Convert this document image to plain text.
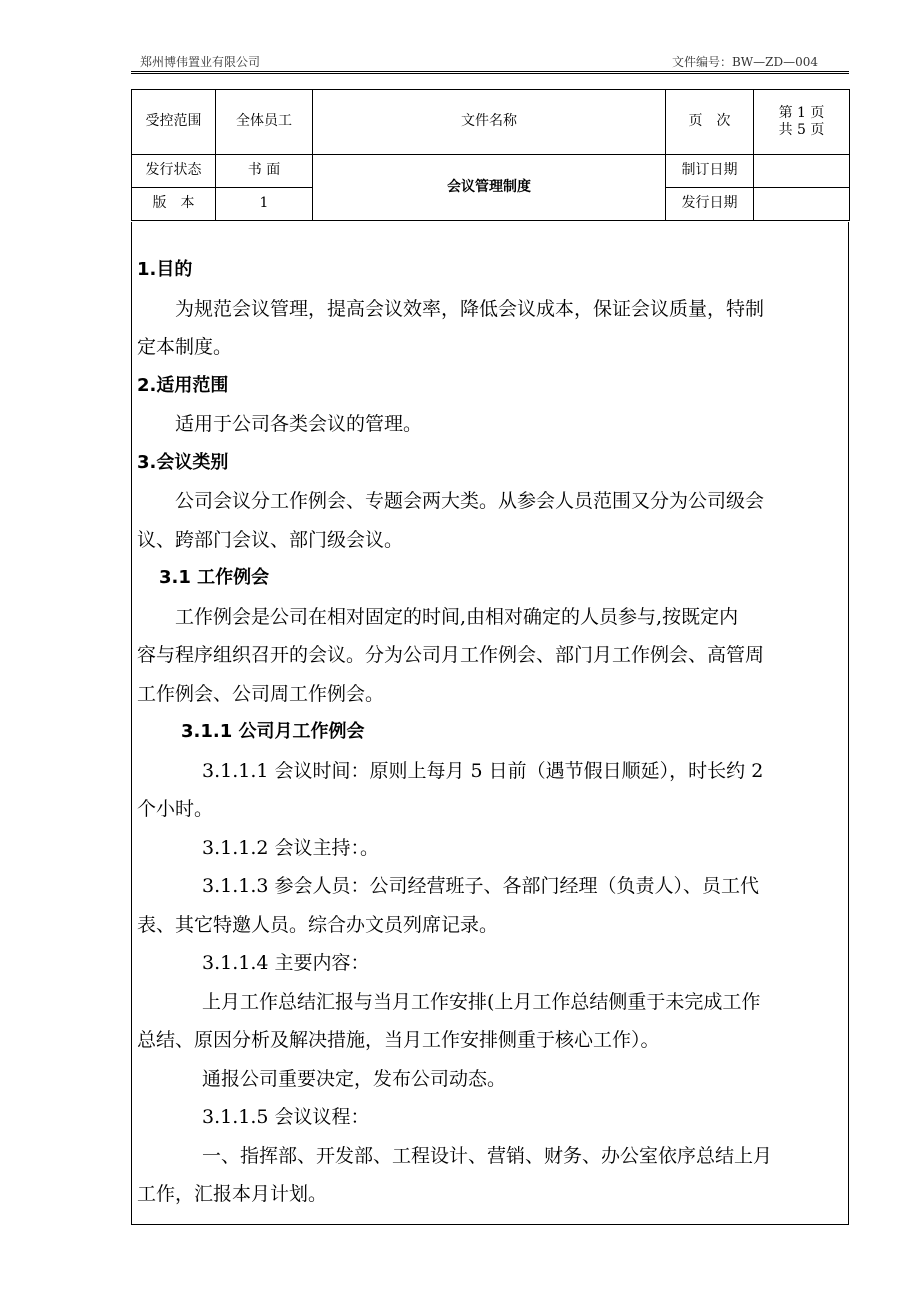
郑州博伟置业有限公司	文件编号：BW—ZD—004
受控范围	全体员工	文件名称	页　次	第 1 页
共 5 页

发行状态	书 面	会议管理制度	制订日期	
版　本	1		发行日期	
1.目的
为规范会议管理，提高会议效率，降低会议成本，保证会议质量，特制
定本制度。
2.适用范围
适用于公司各类会议的管理。
3.会议类别
公司会议分工作例会、专题会两大类。从参会人员范围又分为公司级会
议、跨部门会议、部门级会议。
3.1 工作例会
工作例会是公司在相对固定的时间,由相对确定的人员参与,按既定内
容与程序组织召开的会议。分为公司月工作例会、部门月工作例会、高管周
工作例会、公司周工作例会。
3.1.1 公司月工作例会
3.1.1.1 会议时间：原则上每月 5 日前（遇节假日顺延），时长约 2
个小时。
3.1.1.2 会议主持：。
3.1.1.3 参会人员：公司经营班子、各部门经理（负责人）、员工代
表、其它特邀人员。综合办文员列席记录。
3.1.1.4 主要内容：
上月工作总结汇报与当月工作安排(上月工作总结侧重于未完成工作
总结、原因分析及解决措施，当月工作安排侧重于核心工作）。
通报公司重要决定，发布公司动态。
3.1.1.5 会议议程：
一、指挥部、开发部、工程设计、营销、财务、办公室依序总结上月
工作，汇报本月计划。
